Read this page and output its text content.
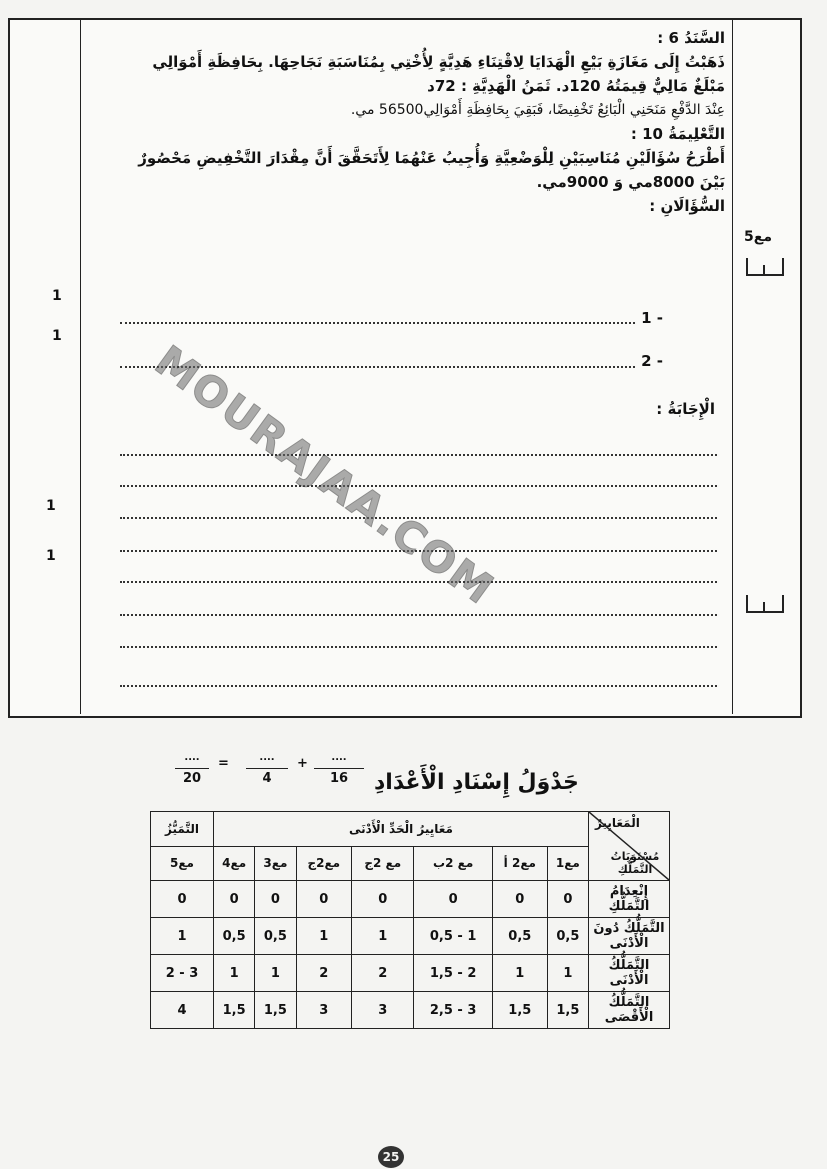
السَّنَدُ 6 :
ذَهَبْتُ إِلَى مَغَازَةِ بَيْعِ الْهَدَايَا لِاقْتِنَاءِ هَدِيَّةٍ لِأُخْتِي بِمُنَاسَبَةِ نَجَاحِهَا. بِحَافِظَةِ أَمْوَالِي
مَبْلَغٌ مَالِيٌّ قِيمَتُهُ 120د. ثَمَنُ الْهَدِيَّةِ : 72د
عِنْدَ الدَّفْعِ مَنَحَنِي الْبَائِعُ تَخْفِيضًا، فَبَقِيَ بِحَافِظَةِ أَمْوَالِي56500 مي.
التَّعْلِيمَةُ 10 :
أَطْرَحُ سُؤَالَيْنِ مُنَاسِبَيْنِ لِلْوَضْعِيَّةِ وَأُجِيبُ عَنْهُمَا لِأَتَحَقَّقَ أَنَّ مِقْدَارَ التَّخْفِيضِ مَحْصُورٌ
بَيْنَ 8000مي وَ 9000مي.
السُّؤَالَانِ :
- 1
- 2
الْإِجَابَةُ :
1
1
1
1
مع5
MOURAJAA.COM
....
20
=	....
4
+	....
16	جَدْوَلُ إِسْنَادِ الْأَعْدَادِ
الْمَعَايِيرُ
مُسْتَوَيَاتُ التَّمَلُّكِ	مَعَايِيرُ الْحَدِّ الْأَدْنَى							التَّمَيُّزُ
	مع1	مع2 أ	مع 2ب	مع 2ج	مع2ج	مع3	مع4	مع5
إِنْعِدَامُ التَّمَلُّكِ	0	0	0	0	0	0	0	0
التَّمَلُّكُ دُونَ الْأَدْنَى	0,5	0,5	1 - 0,5	1	1	0,5	0,5	1
التَّمَلُّكُ الْأَدْنَى	1	1	2 - 1,5	2	2	1	1	3 - 2
التَّمَلُّكُ الْأَقْصَى	1,5	1,5	3 - 2,5	3	3	1,5	1,5	4
25
